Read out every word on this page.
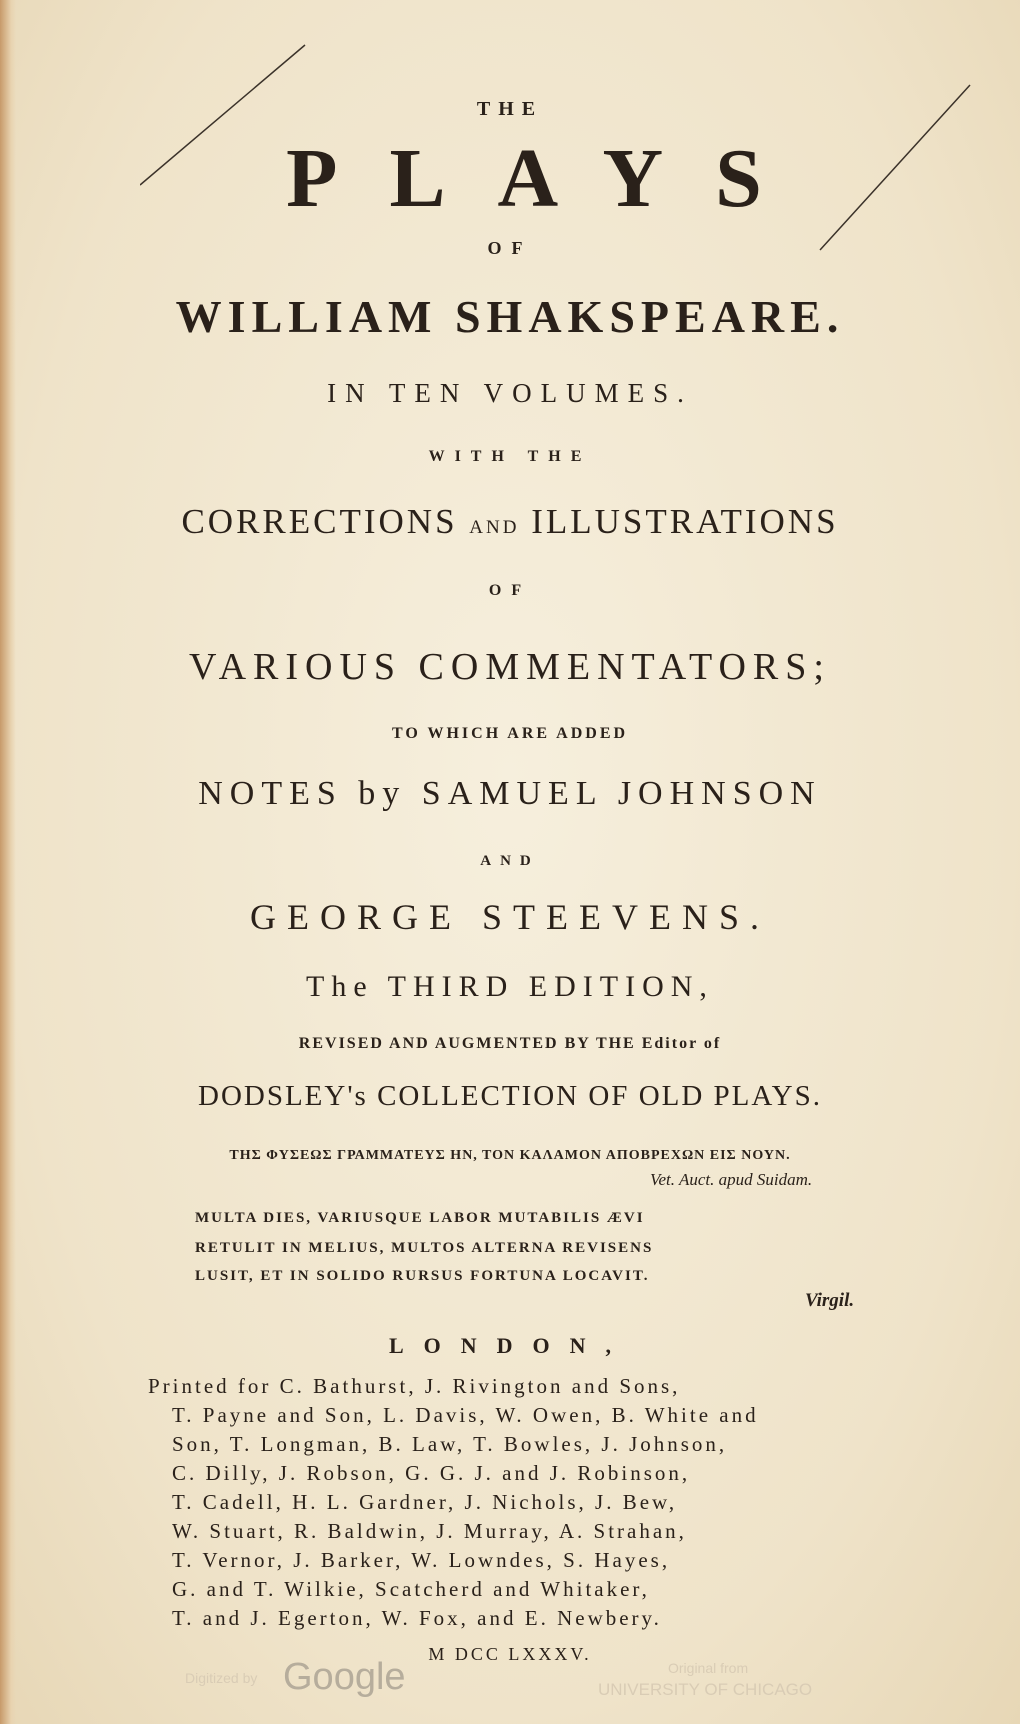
THE
PLAYS
OF
WILLIAM SHAKSPEARE.
IN TEN VOLUMES.
WITH THE
CORRECTIONS AND ILLUSTRATIONS
OF
VARIOUS COMMENTATORS;
TO WHICH ARE ADDED
NOTES by SAMUEL JOHNSON
AND
GEORGE STEEVENS.
The THIRD EDITION,
REVISED AND AUGMENTED BY THE Editor of
DODSLEY's COLLECTION OF OLD PLAYS.
ΤΗΣ ΦΥΣΕΩΣ ΓΡΑΜΜΑΤΕΥΣ ΗΝ, ΤΟΝ ΚΑΛΑΜΟΝ ΑΠΟΒΡΕΧΩΝ ΕΙΣ ΝΟΥΝ.
Vet. Auct. apud Suidam.
MULTA DIES, VARIUSQUE LABOR MUTABILIS ÆVI
RETULIT IN MELIUS, MULTOS ALTERNA REVISENS
LUSIT, ET IN SOLIDO RURSUS FORTUNA LOCAVIT.
Virgil.
LONDON,
Printed for C. Bathurst, J. Rivington and Sons,
T. Payne and Son, L. Davis, W. Owen, B. White and
Son, T. Longman, B. Law, T. Bowles, J. Johnson,
C. Dilly, J. Robson, G. G. J. and J. Robinson,
T. Cadell, H. L. Gardner, J. Nichols, J. Bew,
W. Stuart, R. Baldwin, J. Murray, A. Strahan,
T. Vernor, J. Barker, W. Lowndes, S. Hayes,
G. and T. Wilkie, Scatcherd and Whitaker,
T. and J. Egerton, W. Fox, and E. Newbery.
M DCC LXXXV.
Digitized by Google	Original from
UNIVERSITY OF CHICAGO
